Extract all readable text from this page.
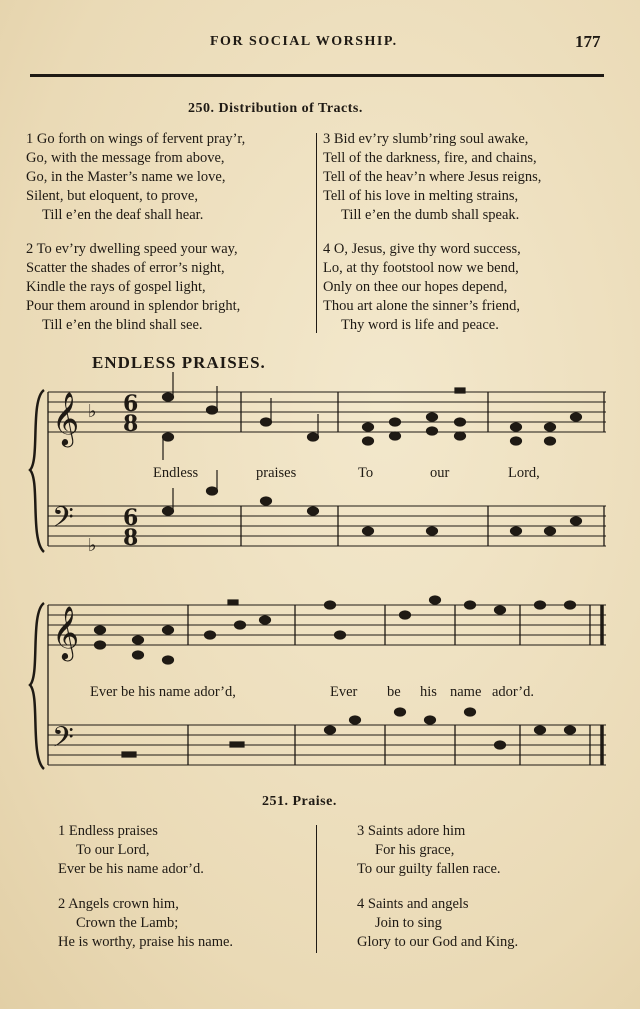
FOR SOCIAL WORSHIP.	177
250. Distribution of Tracts.
1 Go forth on wings of fervent pray’r,
Go, with the message from above,
Go, in the Master’s name we love,
Silent, but eloquent, to prove,
Till e’en the deaf shall hear.
2 To ev’ry dwelling speed your way,
Scatter the shades of error’s night,
Kindle the rays of gospel light,
Pour them around in splendor bright,
Till e’en the blind shall see.
3 Bid ev’ry slumb’ring soul awake,
Tell of the darkness, fire, and chains,
Tell of the heav’n where Jesus reigns,
Tell of his love in melting strains,
Till e’en the dumb shall speak.
4 O, Jesus, give thy word success,
Lo, at thy footstool now we bend,
Only on thee our hopes depend,
Thou art alone the sinner’s friend,
Thy word is life and peace.
ENDLESS PRAISES.
𝄞
𝄢
𝄞
𝄢
♭
♭
6
8
6
8
Endless	praises	To	our	Lord,
Ever be his name ador’d,	Ever be his name ador’d.
251. Praise.
1 Endless praises
To our Lord,
Ever be his name ador’d.
2 Angels crown him,
Crown the Lamb;
He is worthy, praise his name.
3 Saints adore him
For his grace,
To our guilty fallen race.
4 Saints and angels
Join to sing
Glory to our God and King.
